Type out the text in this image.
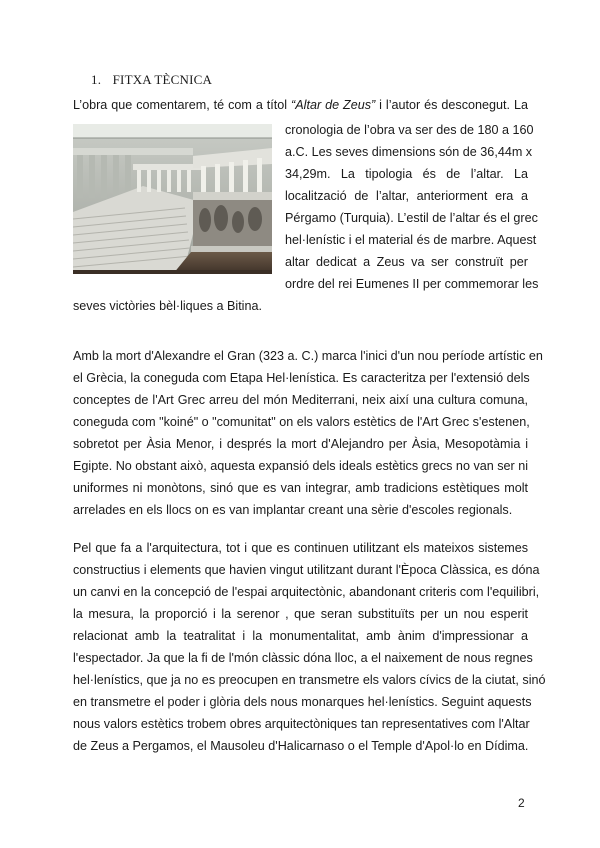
1. FITXA TÈCNICA
L’obra que comentarem, té com a títol “Altar de Zeus” i l’autor és desconegut. La
cronologia de l’obra va ser des de 180 a 160
a.C. Les seves dimensions són de 36,44m x
34,29m. La tipologia és de l’altar. La
localització de l’altar, anteriorment era a
Pérgamo (Turquia). L’estil de l’altar és el grec
hel·lenístic i el material és de marbre. Aquest
altar dedicat a Zeus va ser construït per
ordre del rei Eumenes II per commemorar les
seves victòries bèl·liques a Bitina.
Amb la mort d'Alexandre el Gran (323 a. C.) marca l'inici d'un nou període artístic en
el Grècia, la coneguda com Etapa Hel·lenística. Es caracteritza per l'extensió dels
conceptes de l'Art Grec arreu del món Mediterrani, neix així una cultura comuna,
coneguda com "koiné" o "comunitat" on els valors estètics de l'Art Grec s'estenen,
sobretot per Àsia Menor, i després la mort d'Alejandro per Àsia, Mesopotàmia i
Egipte. No obstant això, aquesta expansió dels ideals estètics grecs no van ser ni
uniformes ni monòtons, sinó que es van integrar, amb tradicions estètiques molt
arrelades en els llocs on es van implantar creant una sèrie d'escoles regionals.
Pel que fa a l'arquitectura, tot i que es continuen utilitzant els mateixos sistemes
constructius i elements que havien vingut utilitzant durant l'Època Clàssica, es dóna
un canvi en la concepció de l'espai arquitectònic, abandonant criteris com l'equilibri,
la mesura, la proporció i la serenor , que seran substituïts per un nou esperit
relacionat amb la teatralitat i la monumentalitat, amb ànim d'impressionar a
l'espectador. Ja que la fi de l'món clàssic dóna lloc, a el naixement de nous regnes
hel·lenístics, que ja no es preocupen en transmetre els valors cívics de la ciutat, sinó
en transmetre el poder i glòria dels nous monarques hel·lenístics. Seguint aquests
nous valors estètics trobem obres arquitectòniques tan representatives com l'Altar
de Zeus a Pergamos, el Mausoleu d'Halicarnaso o el Temple d'Apol·lo en Dídima.
2
